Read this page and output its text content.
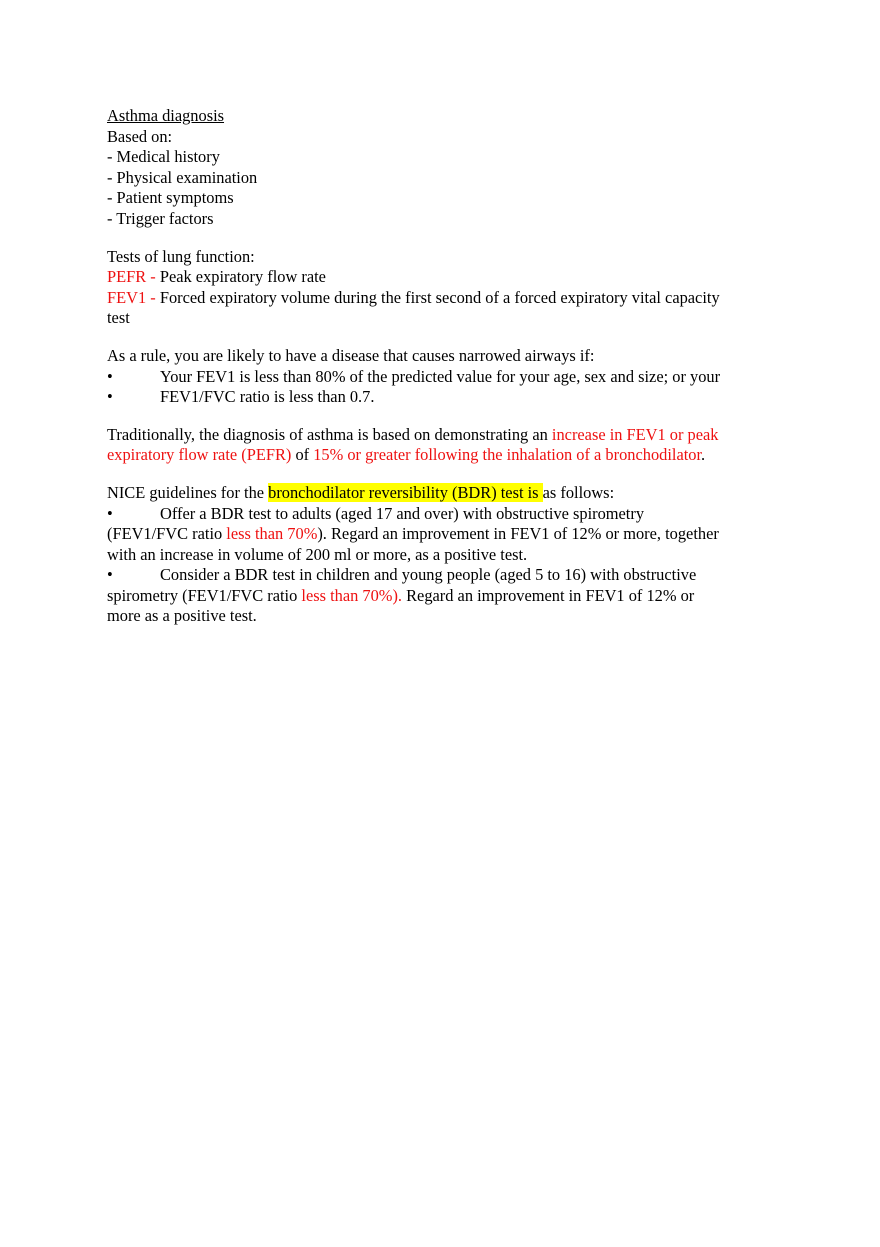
Asthma diagnosis
Based on:
- Medical history
- Physical examination
- Patient symptoms
- Trigger factors
Tests of lung function:
PEFR - Peak expiratory flow rate
FEV1 - Forced expiratory volume during the first second of a forced expiratory vital capacity
test
As a rule, you are likely to have a disease that causes narrowed airways if:
•	Your FEV1 is less than 80% of the predicted value for your age, sex and size; or your
•	FEV1/FVC ratio is less than 0.7.
Traditionally, the diagnosis of asthma is based on demonstrating an increase in FEV1 or peak
expiratory flow rate (PEFR) of 15% or greater following the inhalation of a bronchodilator.
NICE guidelines for the bronchodilator reversibility (BDR) test is as follows:
•	Offer a BDR test to adults (aged 17 and over) with obstructive spirometry
(FEV1/FVC ratio less than 70%). Regard an improvement in FEV1 of 12% or more, together
with an increase in volume of 200 ml or more, as a positive test.
•	Consider a BDR test in children and young people (aged 5 to 16) with obstructive
spirometry (FEV1/FVC ratio less than 70%). Regard an improvement in FEV1 of 12% or
more as a positive test.
